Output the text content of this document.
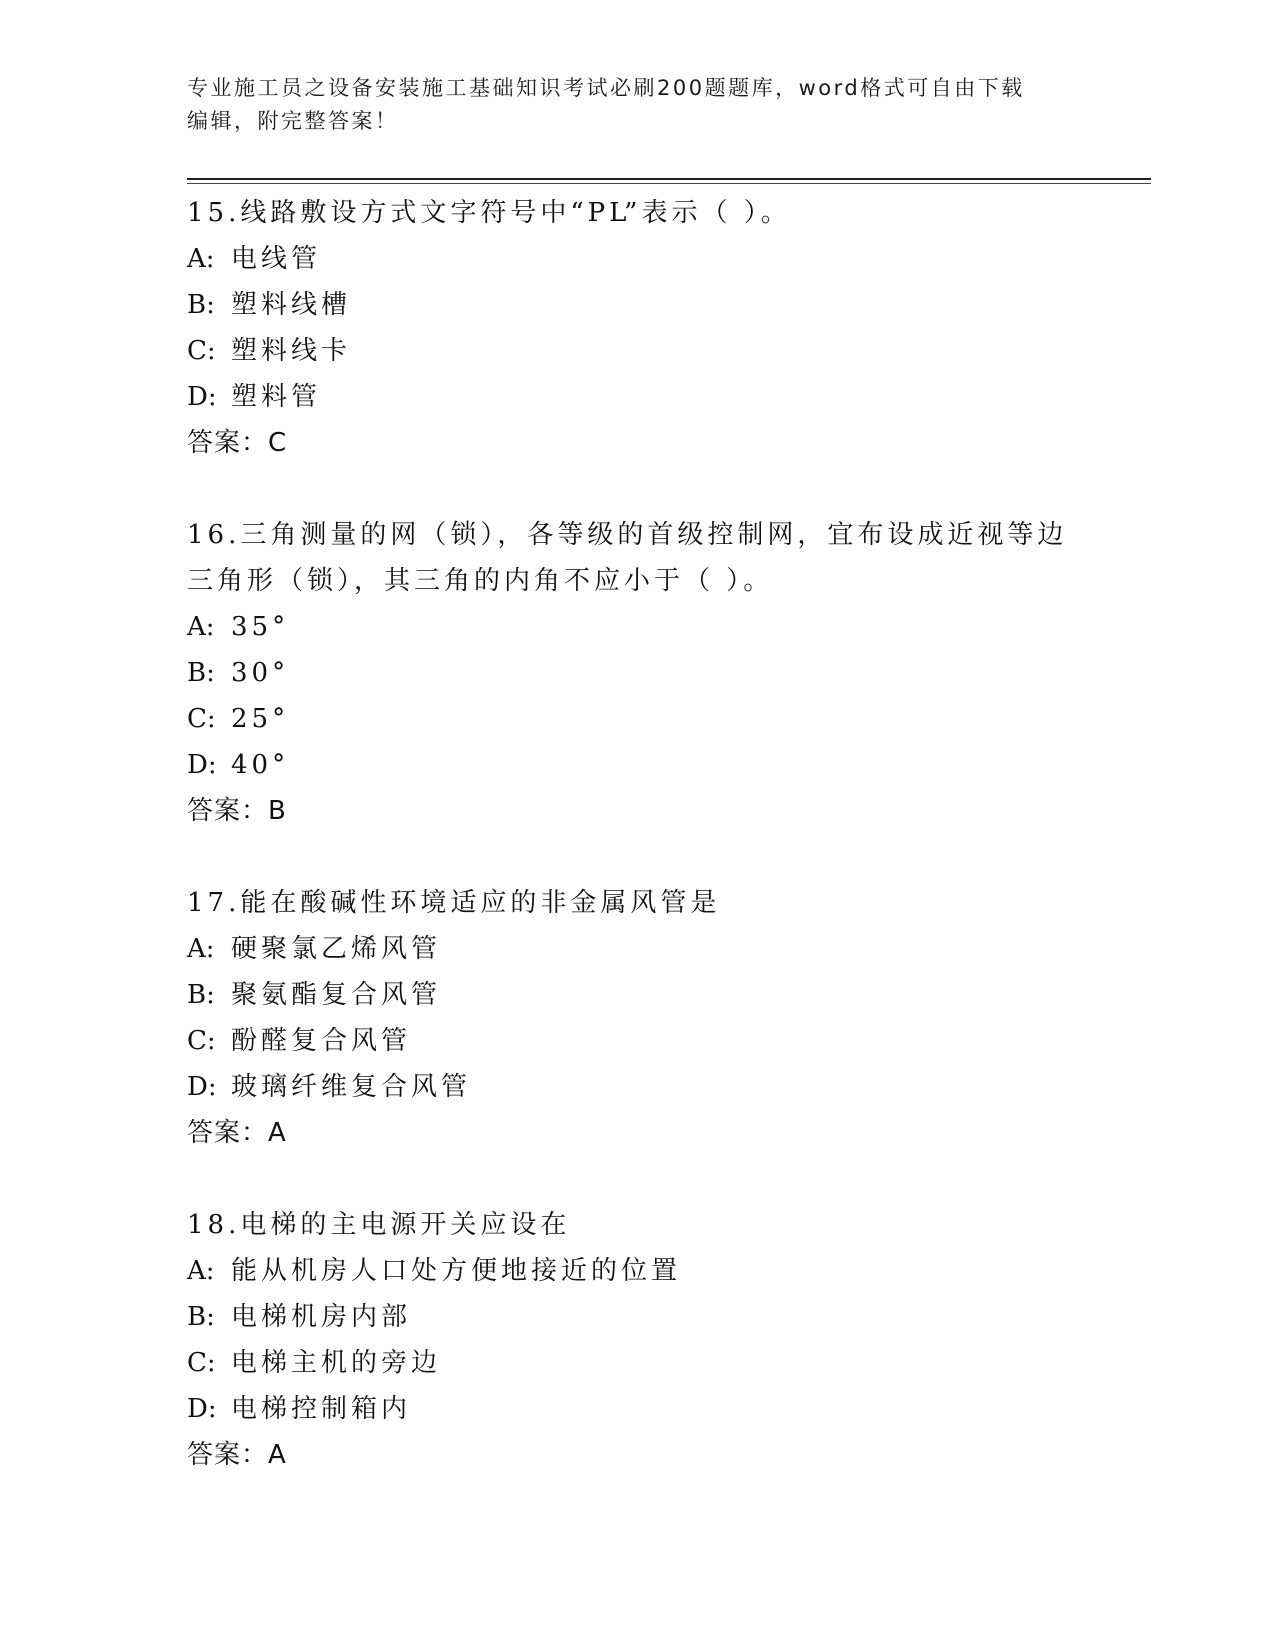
专业施工员之设备安装施工基础知识考试必刷200题题库，word格式可自由下载
编辑，附完整答案！
15.线路敷设方式文字符号中“PL”表示（ ）。
A: 电线管
B: 塑料线槽
C: 塑料线卡
D: 塑料管
答案： C
16.三角测量的网（锁），各等级的首级控制网，宜布设成近视等边三角形（锁），其三角的内角不应小于（ ）。
A: 35°
B: 30°
C: 25°
D: 40°
答案： B
17.能在酸碱性环境适应的非金属风管是
A: 硬聚氯乙烯风管
B: 聚氨酯复合风管
C: 酚醛复合风管
D: 玻璃纤维复合风管
答案： A
18.电梯的主电源开关应设在
A: 能从机房人口处方便地接近的位置
B: 电梯机房内部
C: 电梯主机的旁边
D: 电梯控制箱内
答案： A
